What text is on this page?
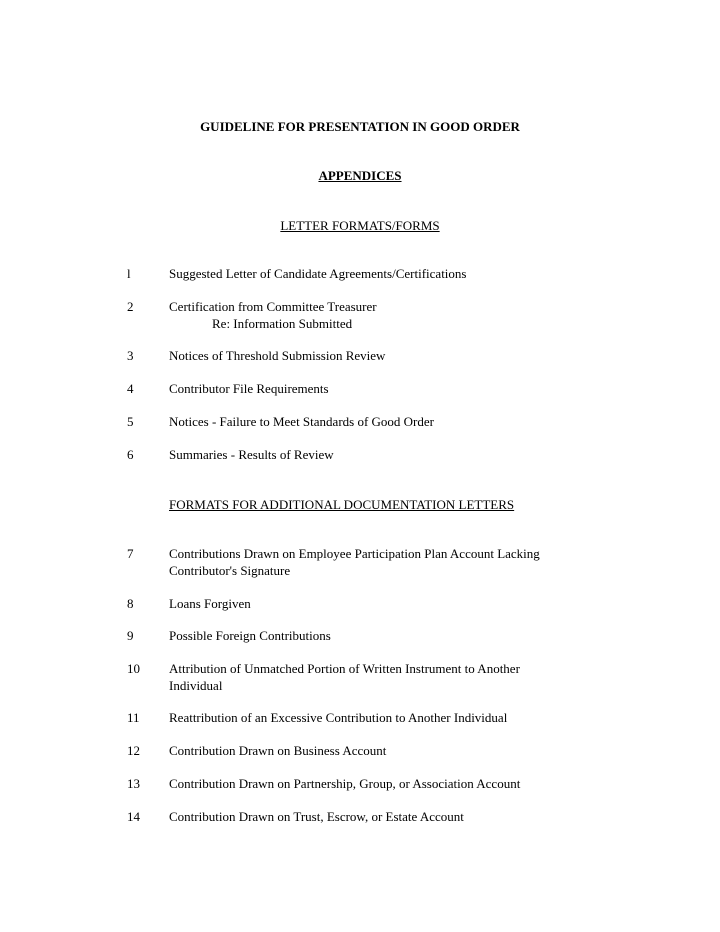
GUIDELINE FOR PRESENTATION IN GOOD ORDER
APPENDICES
LETTER FORMATS/FORMS
l	Suggested Letter of Candidate Agreements/Certifications
2	Certification from Committee Treasurer
Re: Information Submitted
3	Notices of Threshold Submission Review
4	Contributor File Requirements
5	Notices - Failure to Meet Standards of Good Order
6	Summaries - Results of Review
FORMATS FOR ADDITIONAL DOCUMENTATION LETTERS
7	Contributions Drawn on Employee Participation Plan Account Lacking
Contributor's Signature
8	Loans Forgiven
9	Possible Foreign Contributions
10 Attribution of Unmatched Portion of Written Instrument to Another
Individual
11 Reattribution of an Excessive Contribution to Another Individual
12 Contribution Drawn on Business Account
13 Contribution Drawn on Partnership, Group, or Association Account
14 Contribution Drawn on Trust, Escrow, or Estate Account
